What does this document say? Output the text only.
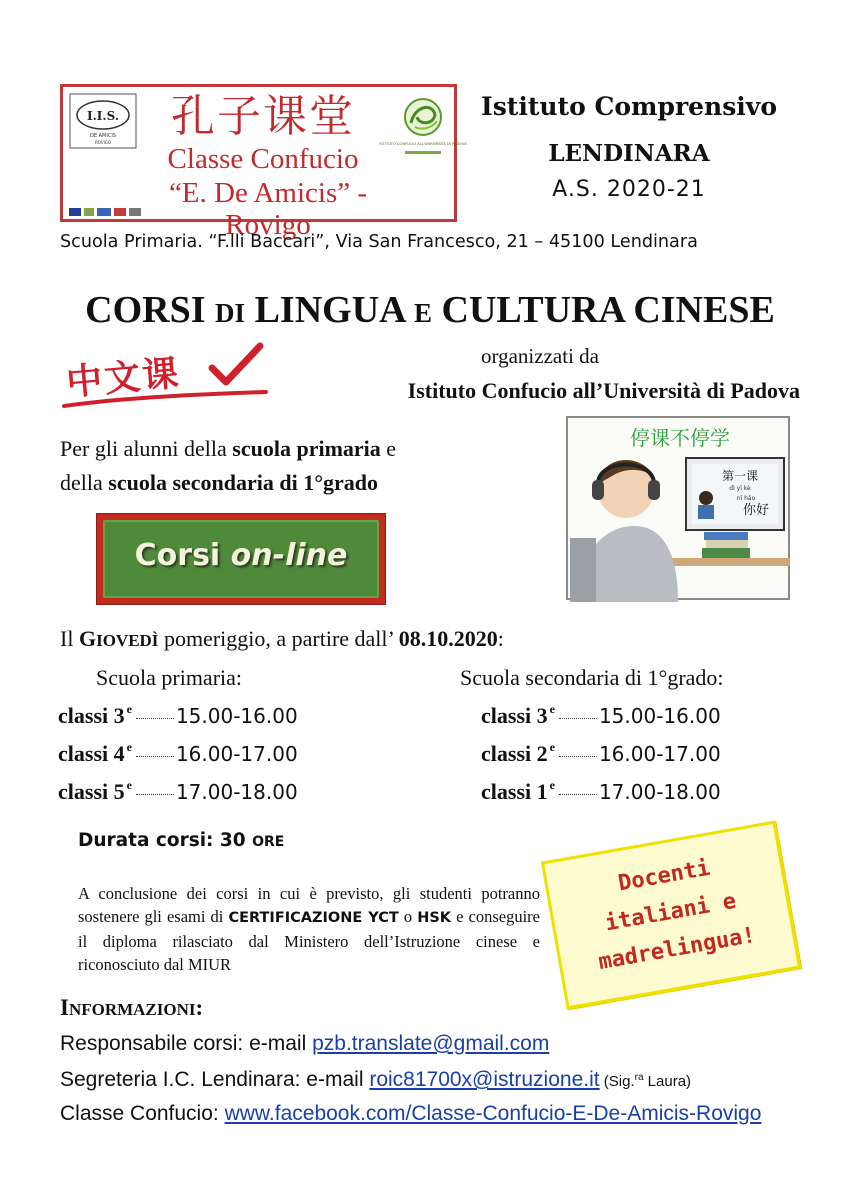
I.I.S.
DE AMICIS
ROVIGO	ISTITUTO CONFUCIO ALL'UNIVERSITÀ DI PADOVA
孔子课堂
Classe Confucio
“E. De Amicis” - Rovigo
Istituto Comprensivo
LENDINARA
A.S. 2020-21
Scuola Primaria. “F.lli Baccari”, Via San Francesco, 21 – 45100 Lendinara
CORSI DI LINGUA E CULTURA CINESE
中文课	organizzati da
Istituto Confucio all’Università di Padova
Per gli alunni della scuola primaria e
della scuola secondaria di 1°grado
停课不停学
第一课
dì yī kè
nǐ hǎo
你好
Corsi on-line
Il GIOVEDÌ pomeriggio, a partire dall’ 08.10.2020:
Scuola primaria:	Scuola secondaria di 1°grado:
classi 3 $^e$ 15.00-16.00
classi 4 $^e$ 16.00-17.00
classi 5 $^e$ 17.00-18.00
classi 3 $^e$ 15.00-16.00
classi 2 $^e$ 16.00-17.00
classi 1 $^e$ 17.00-18.00
Durata corsi: 30 ORE
A conclusione dei corsi in cui è previsto, gli studenti potranno sostenere gli esami di CERTIFICAZIONE YCT o HSK e conseguire il diploma rilasciato dal Ministero dell’Istruzione cinese e riconosciuto dal MIUR
Docenti
italiani e
madrelingua!
INFORMAZIONI:
Responsabile corsi: e-mail pzb.translate@gmail.com
Segreteria I.C. Lendinara: e-mail roic81700x@istruzione.it (Sig.$^{ra}$ Laura)
Classe Confucio: www.facebook.com/Classe-Confucio-E-De-Amicis-Rovigo
